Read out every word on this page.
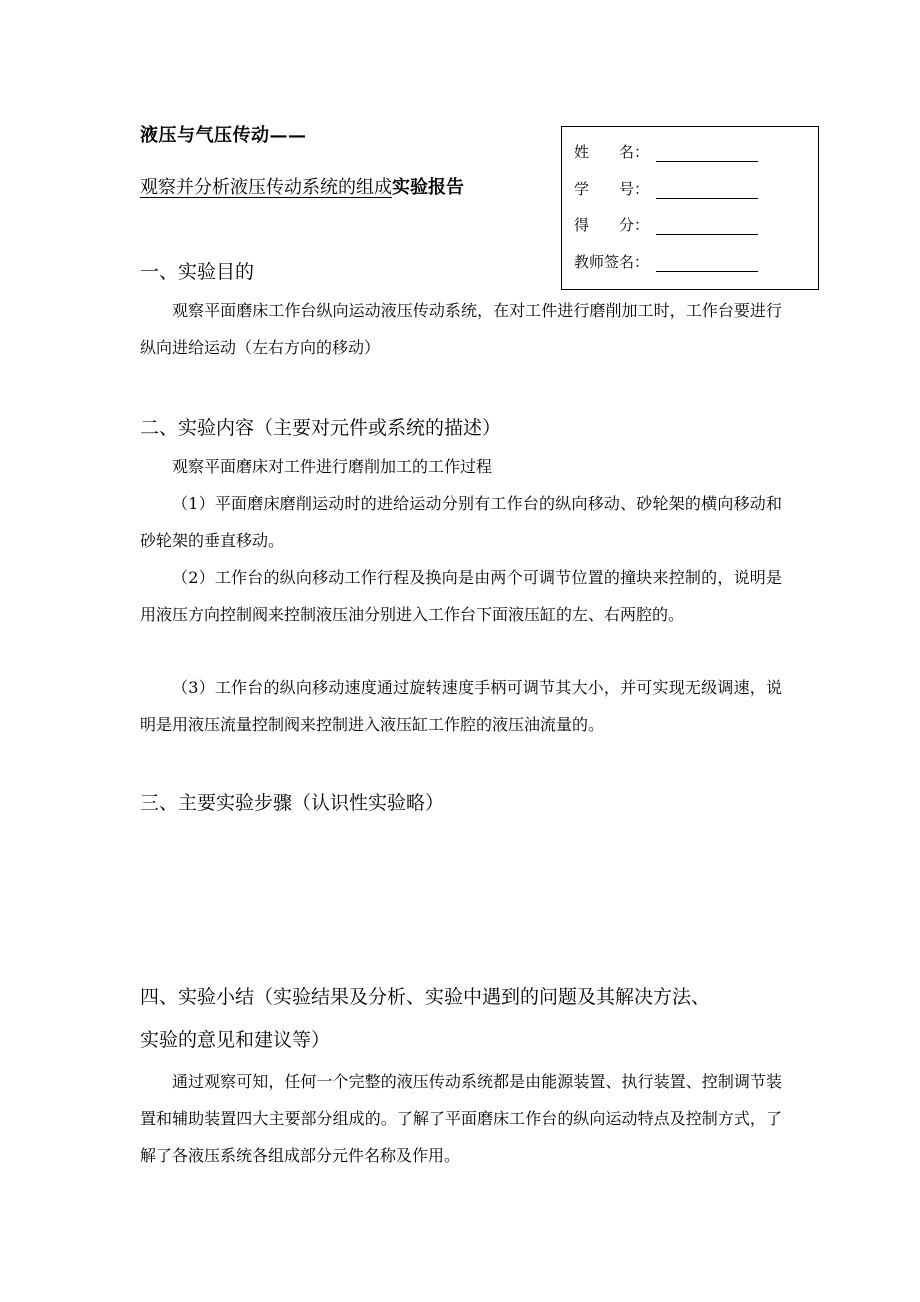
液压与气压传动——
观察并分析液压传动系统的组成实验报告
姓　　名：
学　　号：
得　　分：
教师签名：
一、实验目的

观察平面磨床工作台纵向运动液压传动系统，在对工件进行磨削加工时，工作台要进行纵向进给运动（左右方向的移动）

二、实验内容（主要对元件或系统的描述）

观察平面磨床对工件进行磨削加工的工作过程

（1）平面磨床磨削运动时的进给运动分别有工作台的纵向移动、砂轮架的横向移动和砂轮架的垂直移动。

（2）工作台的纵向移动工作行程及换向是由两个可调节位置的撞块来控制的，说明是用液压方向控制阀来控制液压油分别进入工作台下面液压缸的左、右两腔的。

（3）工作台的纵向移动速度通过旋转速度手柄可调节其大小，并可实现无级调速，说明是用液压流量控制阀来控制进入液压缸工作腔的液压油流量的。

三、主要实验步骤（认识性实验略）
四、实验小结（实验结果及分析、实验中遇到的问题及其解决方法、
实验的意见和建议等）

通过观察可知，任何一个完整的液压传动系统都是由能源装置、执行装置、控制调节装置和辅助装置四大主要部分组成的。了解了平面磨床工作台的纵向运动特点及控制方式，了解了各液压系统各组成部分元件名称及作用。
